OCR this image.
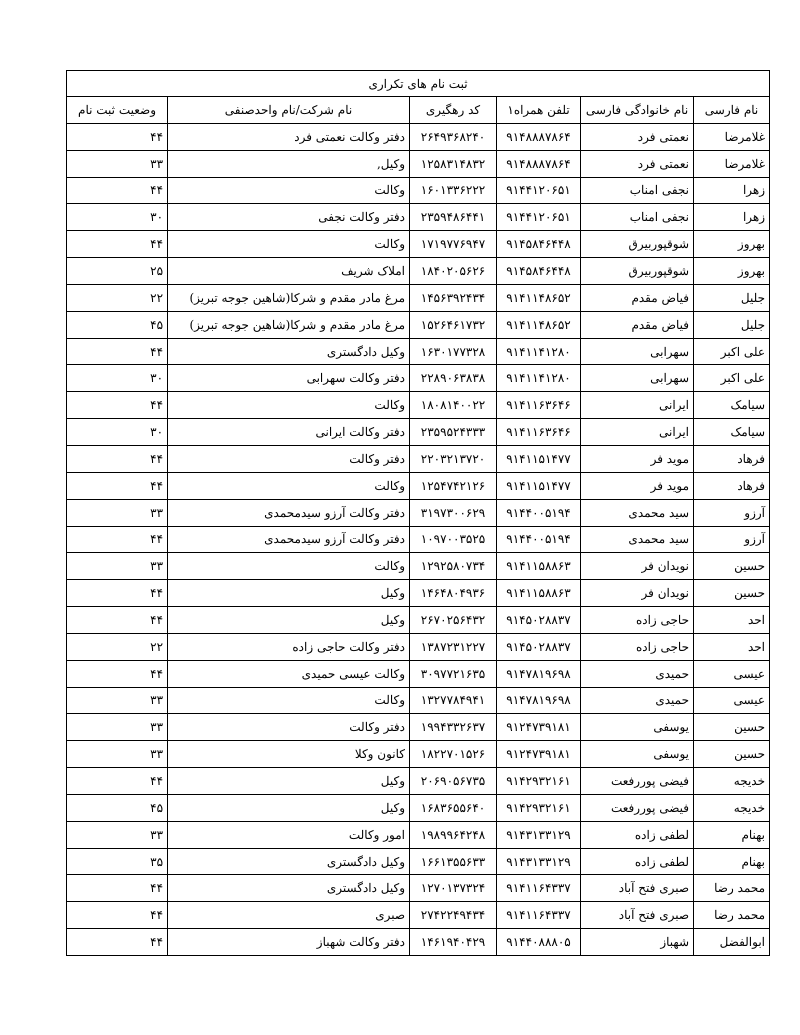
ثبت نام های تکراری					
نام فارسی	نام خانوادگی فارسی	تلفن همراه۱	کد رهگیری	نام شرکت/نام واحدصنفی	وضعیت ثبت نام
غلامرضا	نعمتی فرد	۹۱۴۸۸۸۷۸۶۴	۲۶۴۹۳۶۸۲۴۰	دفتر وکالت نعمتی فرد	۴۴
غلامرضا	نعمتی فرد	۹۱۴۸۸۸۷۸۶۴	۱۲۵۸۳۱۴۸۳۲	وکیل,	۳۳
زهرا	نجفی امناب	۹۱۴۴۱۲۰۶۵۱	۱۶۰۱۳۳۶۲۲۲	وکالت	۴۴
زهرا	نجفی امناب	۹۱۴۴۱۲۰۶۵۱	۲۳۵۹۴۸۶۴۴۱	دفتر وکالت نجفی	۳۰
بهروز	شوقپوربیرق	۹۱۴۵۸۴۶۴۴۸	۱۷۱۹۷۷۶۹۴۷	وکالت	۴۴
بهروز	شوقپوربیرق	۹۱۴۵۸۴۶۴۴۸	۱۸۴۰۲۰۵۶۲۶	املاک شریف	۲۵
جلیل	فیاض مقدم	۹۱۴۱۱۴۸۶۵۲	۱۴۵۶۳۹۲۴۳۴	مرغ مادر مقدم و شرکا(شاهین جوجه تبریز)	۲۲
جلیل	فیاض مقدم	۹۱۴۱۱۴۸۶۵۲	۱۵۲۶۴۶۱۷۳۲	مرغ مادر مقدم و شرکا(شاهین جوجه تبریز)	۴۵
علی اکبر	سهرابی	۹۱۴۱۱۴۱۲۸۰	۱۶۳۰۱۷۷۳۲۸	وکیل دادگستری	۴۴
علی اکبر	سهرابی	۹۱۴۱۱۴۱۲۸۰	۲۲۸۹۰۶۳۸۳۸	دفتر وکالت سهرابی	۳۰
سیامک	ایرانی	۹۱۴۱۱۶۳۶۴۶	۱۸۰۸۱۴۰۰۲۲	وکالت	۴۴
سیامک	ایرانی	۹۱۴۱۱۶۳۶۴۶	۲۳۵۹۵۲۴۳۳۳	دفتر وکالت ایرانی	۳۰
فرهاد	موید فر	۹۱۴۱۱۵۱۴۷۷	۲۲۰۳۲۱۳۷۲۰	دفتر وکالت	۴۴
فرهاد	موید فر	۹۱۴۱۱۵۱۴۷۷	۱۲۵۴۷۴۲۱۲۶	وکالت	۴۴
آرزو	سید محمدی	۹۱۴۴۰۰۵۱۹۴	۳۱۹۷۳۰۰۶۲۹	دفتر وکالت آرزو سیدمحمدی	۳۳
آرزو	سید محمدی	۹۱۴۴۰۰۵۱۹۴	۱۰۹۷۰۰۳۵۲۵	دفتر وکالت آرزو سیدمحمدی	۴۴
حسین	نویدان فر	۹۱۴۱۱۵۸۸۶۳	۱۲۹۲۵۸۰۷۳۴	وکالت	۳۳
حسین	نویدان فر	۹۱۴۱۱۵۸۸۶۳	۱۴۶۴۸۰۴۹۳۶	وکیل	۴۴
احد	حاجی زاده	۹۱۴۵۰۲۸۸۳۷	۲۶۷۰۲۵۶۴۳۲	وکیل	۴۴
احد	حاجی زاده	۹۱۴۵۰۲۸۸۳۷	۱۳۸۷۲۳۱۲۲۷	دفتر وکالت حاجی زاده	۲۲
عیسی	حمیدی	۹۱۴۷۸۱۹۶۹۸	۳۰۹۷۷۲۱۶۳۵	وکالت عیسی حمیدی	۴۴
عیسی	حمیدی	۹۱۴۷۸۱۹۶۹۸	۱۳۲۷۷۸۴۹۴۱	وکالت	۳۳
حسین	یوسفی	۹۱۲۴۷۳۹۱۸۱	۱۹۹۴۳۳۲۶۳۷	دفتر وکالت	۳۳
حسین	یوسفی	۹۱۲۴۷۳۹۱۸۱	۱۸۲۲۷۰۱۵۲۶	کانون وکلا	۳۳
خدیجه	فیضی پوررفعت	۹۱۴۲۹۳۲۱۶۱	۲۰۶۹۰۵۶۷۳۵	وکیل	۴۴
خدیجه	فیضی پوررفعت	۹۱۴۲۹۳۲۱۶۱	۱۶۸۳۶۵۵۶۴۰	وکیل	۴۵
بهنام	لطفی زاده	۹۱۴۳۱۳۳۱۲۹	۱۹۸۹۹۶۴۲۴۸	امور وکالت	۳۳
بهنام	لطفی زاده	۹۱۴۳۱۳۳۱۲۹	۱۶۶۱۳۵۵۶۳۳	وکیل دادگستری	۳۵
محمد رضا	صبری فتح آباد	۹۱۴۱۱۶۴۳۳۷	۱۲۷۰۱۳۷۳۲۴	وکیل دادگستری	۴۴
محمد رضا	صبری فتح آباد	۹۱۴۱۱۶۴۳۳۷	۲۷۴۲۲۴۹۴۳۴	صبری	۴۴
ابوالفضل	شهباز	۹۱۴۴۰۸۸۸۰۵	۱۴۶۱۹۴۰۴۲۹	دفتر وکالت شهباز	۴۴
